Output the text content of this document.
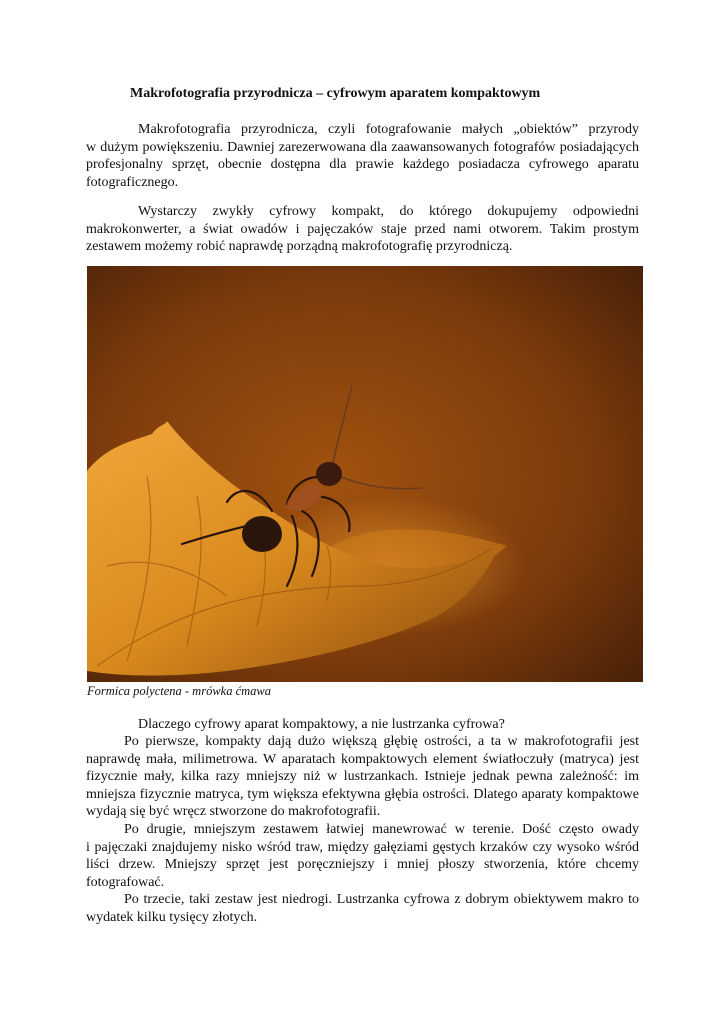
Makrofotografia przyrodnicza – cyfrowym aparatem kompaktowym

Makrofotografia przyrodnicza, czyli fotografowanie małych „obiektów” przyrody
w dużym powiększeniu. Dawniej zarezerwowana dla zaawansowanych fotografów posiadających
profesjonalny sprzęt, obecnie dostępna dla prawie każdego posiadacza cyfrowego aparatu
fotograficznego.

Wystarczy zwykły cyfrowy kompakt, do którego dokupujemy odpowiedni
makrokonwerter, a świat owadów i pajęczaków staje przed nami otworem. Takim prostym
zestawem możemy robić naprawdę porządną makrofotografię przyrodniczą.

Formica polyctena - mrówka ćmawa

Dlaczego cyfrowy aparat kompaktowy, a nie lustrzanka cyfrowa?

Po pierwsze, kompakty dają dużo większą głębię ostrości, a ta w makrofotografii jest
naprawdę mała, milimetrowa. W aparatach kompaktowych element światłoczuły (matryca) jest
fizycznie mały, kilka razy mniejszy niż w lustrzankach. Istnieje jednak pewna zależność: im
mniejsza fizycznie matryca, tym większa efektywna głębia ostrości. Dlatego aparaty kompaktowe
wydają się być wręcz stworzone do makrofotografii.

Po drugie, mniejszym zestawem łatwiej manewrować w terenie. Dość często owady
i pajęczaki znajdujemy nisko wśród traw, między gałęziami gęstych krzaków czy wysoko wśród
liści drzew. Mniejszy sprzęt jest poręczniejszy i mniej płoszy stworzenia, które chcemy
fotografować.

Po trzecie, taki zestaw jest niedrogi. Lustrzanka cyfrowa z dobrym obiektywem makro to
wydatek kilku tysięcy złotych.
